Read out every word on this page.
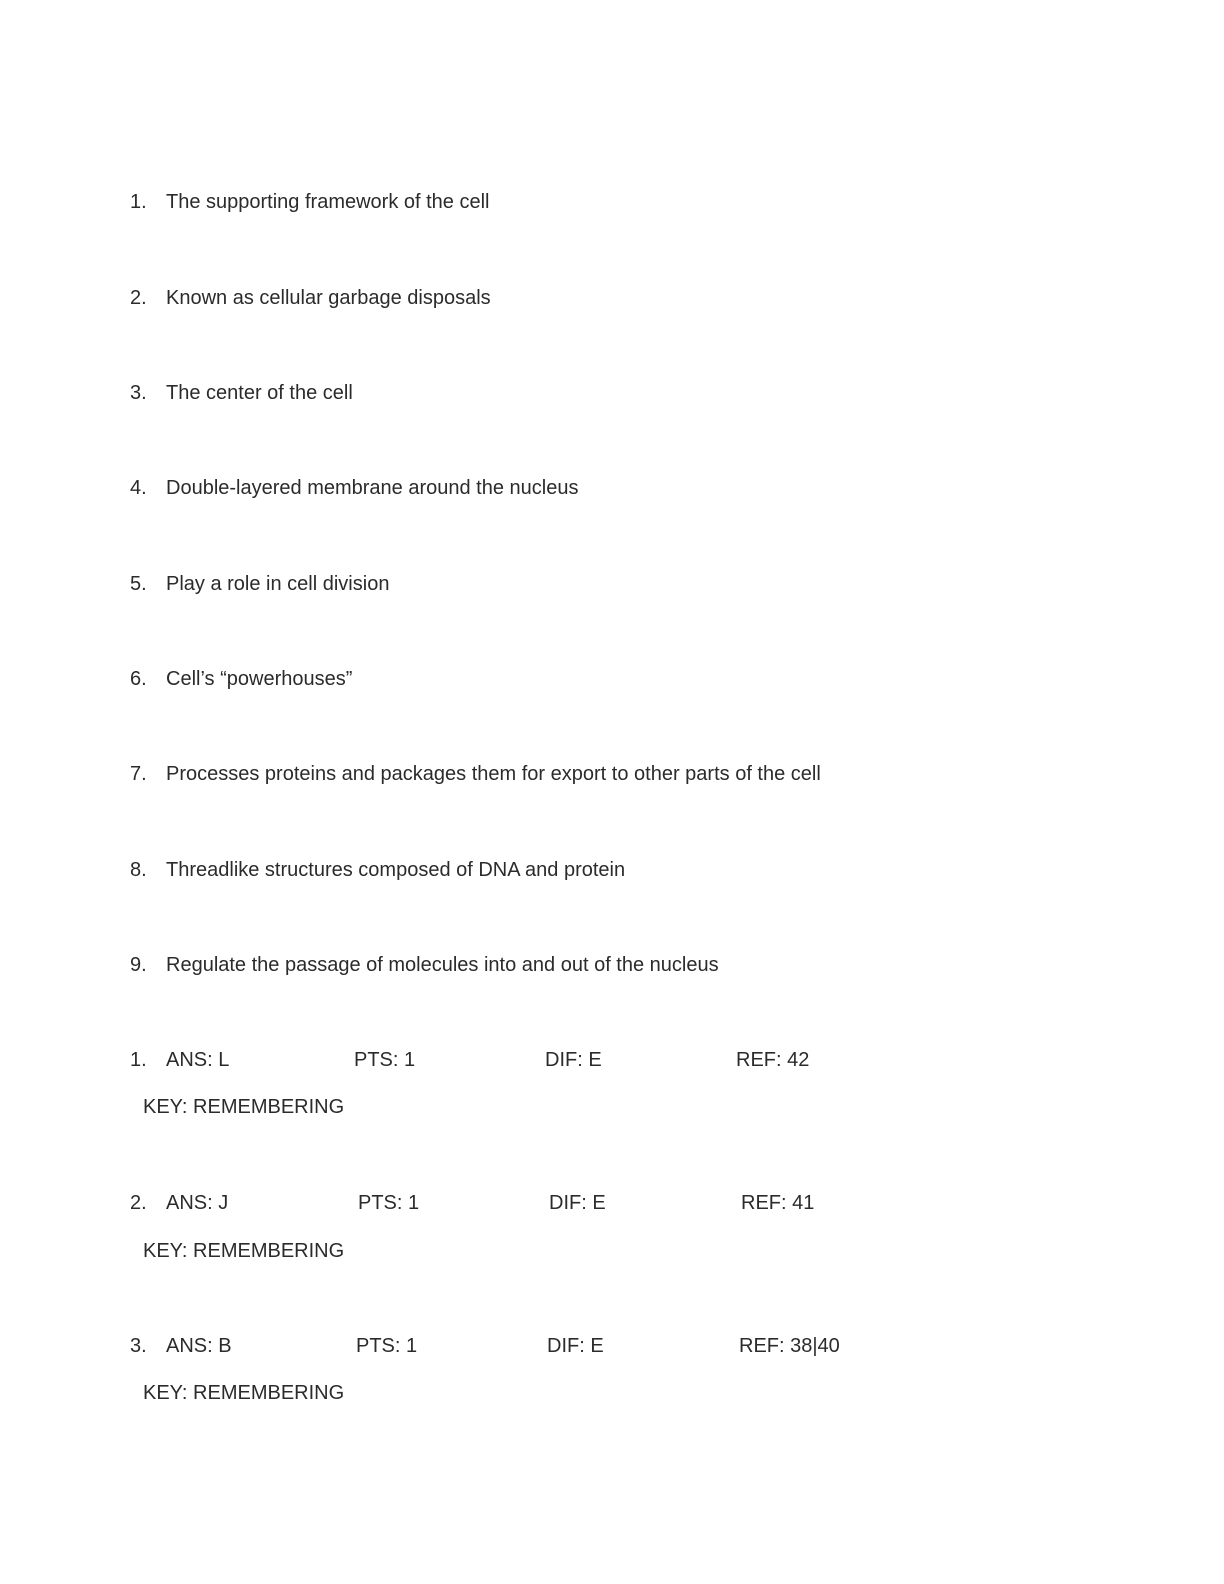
1. The supporting framework of the cell
2. Known as cellular garbage disposals
3. The center of the cell
4. Double-layered membrane around the nucleus
5. Play a role in cell division
6. Cell’s “powerhouses”
7. Processes proteins and packages them for export to other parts of the cell
8. Threadlike structures composed of DNA and protein
9. Regulate the passage of molecules into and out of the nucleus
1. ANS: L	PTS: 1	DIF: E	REF: 42
KEY: REMEMBERING
2. ANS: J	PTS: 1	DIF: E	REF: 41
KEY: REMEMBERING
3. ANS: B	PTS: 1	DIF: E	REF: 38|40
KEY: REMEMBERING
